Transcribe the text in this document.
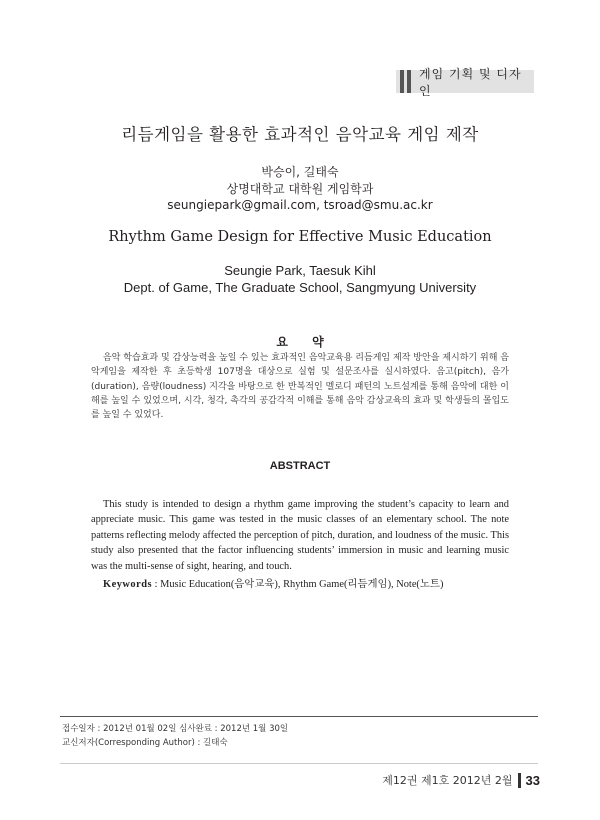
게임 기획 및 디자인
리듬게임을 활용한 효과적인 음악교육 게임 제작
박승이, 길태숙
상명대학교 대학원 게임학과
seungiepark@gmail.com, tsroad@smu.ac.kr
Rhythm Game Design for Effective Music Education
Seungie Park, Taesuk Kihl
Dept. of Game, The Graduate School, Sangmyung University
요 약

음악 학습효과 및 감상능력을 높일 수 있는 효과적인 음악교육용 리듬게임 제작 방안을 제시하기 위해 음악게임을 제작한 후 초등학생 107명을 대상으로 실험 및 설문조사를 실시하였다. 음고(pitch), 음가(duration), 음량(loudness) 지각을 바탕으로 한 반복적인 멜로디 패턴의 노트설계를 통해 음악에 대한 이해를 높일 수 있었으며, 시각, 청각, 촉각의 공감각적 이해를 통해 음악 감상교육의 효과 및 학생들의 몰입도를 높일 수 있었다.

ABSTRACT

This study is intended to design a rhythm game improving the student’s capacity to learn and appreciate music. This game was tested in the music classes of an elementary school. The note patterns reflecting melody affected the perception of pitch, duration, and loudness of the music. This study also presented that the factor influencing students’ immersion in music and learning music was the multi-sense of sight, hearing, and touch.

Keywords : Music Education(음악교육), Rhythm Game(리듬게임), Note(노트)
접수일자 : 2012년 01월 02일 심사완료 : 2012년 1월 30일
교신저자(Corresponding Author) : 길태숙
제12권 제1호 2012년 2월 33
